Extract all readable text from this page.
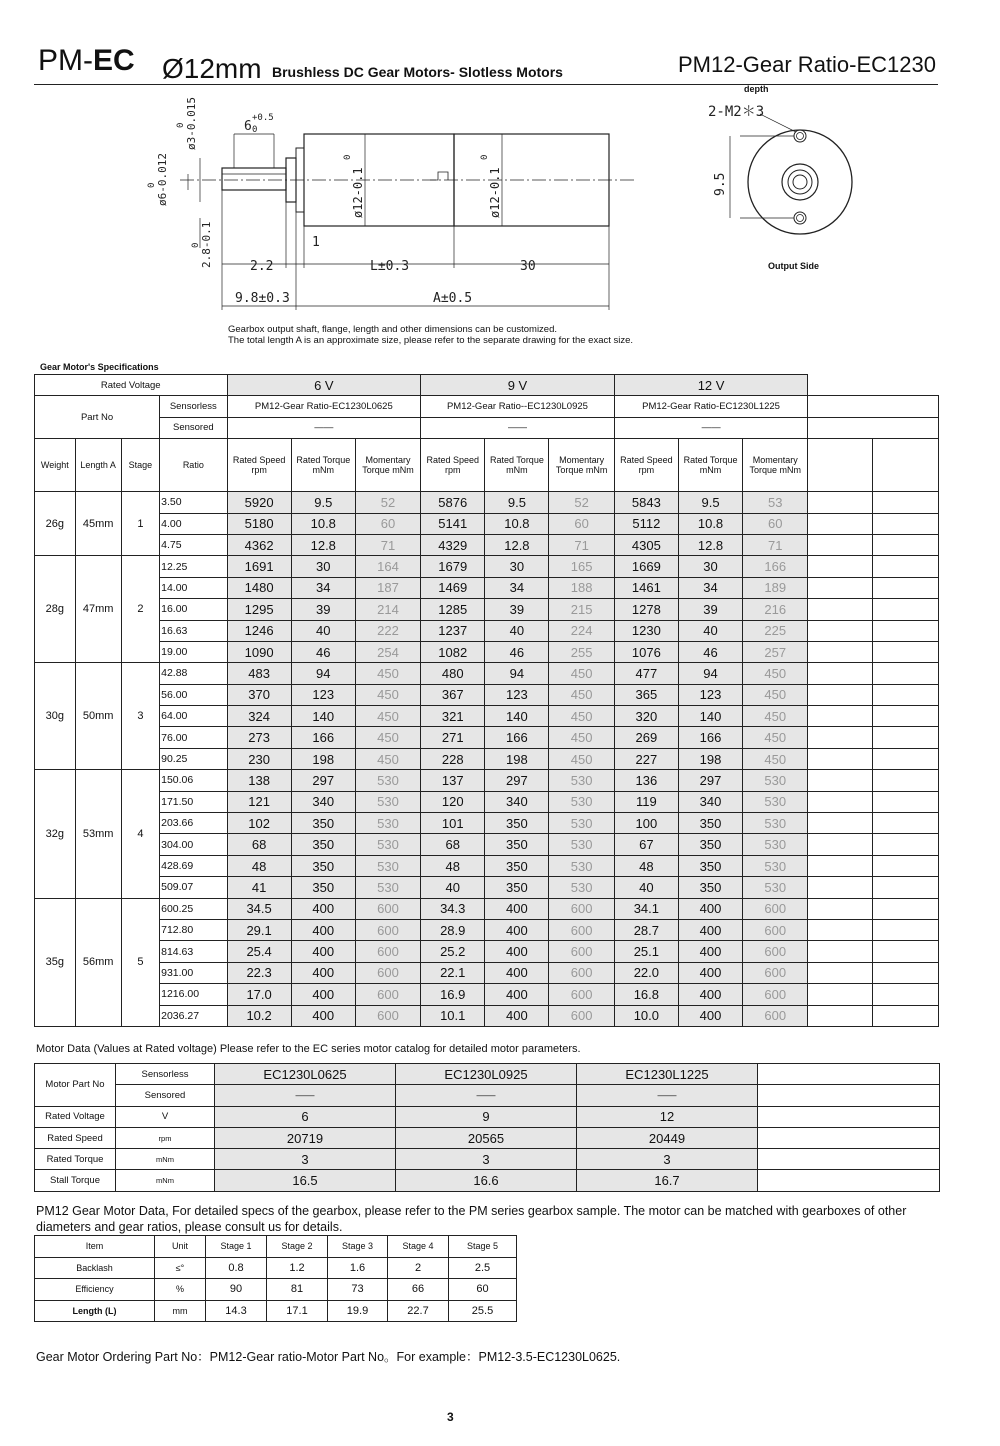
PM-EC Ø12mm Brushless DC Gear Motors- Slotless Motors	PM12-Gear Ratio-EC1230
6
+0.5
0
1
2.2	L±0.3	30
9.8±0.3	A±0.5
ø3-0.015
0
ø6-0.012
0	ø12-0.1
0
ø12-0.1
0
2.8-0.1
0
depth
2-M2＊3
9.5
Output Side
Gearbox output shaft, flange, length and other dimensions can be customized.
The total length A is an approximate size, please refer to the separate drawing for the exact size.
Gear Motor's Specifications
Rated Voltage				6 V			9 V			12 V				
Part No			Sensorless	PM12-Gear Ratio-EC1230L0625			PM12-Gear Ratio--EC1230L0925			PM12-Gear Ratio-EC1230L1225				
			Sensored	——			——			——				
Weight	Length A	Stage	Ratio	Rated Speed rpm	Rated Torque mNm	Momentary Torque mNm	Rated Speed rpm	Rated Torque mNm	Momentary Torque mNm	Rated Speed rpm	Rated Torque mNm	Momentary Torque mNm		
26g	45mm	1	3.50	5920	9.5	52	5876	9.5	52	5843	9.5	53		
			4.00	5180	10.8	60	5141	10.8	60	5112	10.8	60		
			4.75	4362	12.8	71	4329	12.8	71	4305	12.8	71		
28g	47mm	2	12.25	1691	30	164	1679	30	165	1669	30	166		
			14.00	1480	34	187	1469	34	188	1461	34	189		
			16.00	1295	39	214	1285	39	215	1278	39	216		
			16.63	1246	40	222	1237	40	224	1230	40	225		
			19.00	1090	46	254	1082	46	255	1076	46	257		
30g	50mm	3	42.88	483	94	450	480	94	450	477	94	450		
			56.00	370	123	450	367	123	450	365	123	450		
			64.00	324	140	450	321	140	450	320	140	450		
			76.00	273	166	450	271	166	450	269	166	450		
			90.25	230	198	450	228	198	450	227	198	450		
32g	53mm	4	150.06	138	297	530	137	297	530	136	297	530		
			171.50	121	340	530	120	340	530	119	340	530		
			203.66	102	350	530	101	350	530	100	350	530		
			304.00	68	350	530	68	350	530	67	350	530		
			428.69	48	350	530	48	350	530	48	350	530		
			509.07	41	350	530	40	350	530	40	350	530		
35g	56mm	5	600.25	34.5	400	600	34.3	400	600	34.1	400	600		
			712.80	29.1	400	600	28.9	400	600	28.7	400	600		
			814.63	25.4	400	600	25.2	400	600	25.1	400	600		
			931.00	22.3	400	600	22.1	400	600	22.0	400	600		
			1216.00	17.0	400	600	16.9	400	600	16.8	400	600		
			2036.27	10.2	400	600	10.1	400	600	10.0	400	600		
Motor Data (Values at Rated voltage) Please refer to the EC series motor catalog for detailed motor parameters.
Motor Part No	Sensorless	EC1230L0625	EC1230L0925	EC1230L1225	
	Sensored	——	——	——	
Rated Voltage	V	6	9	12	
Rated Speed	rpm	20719	20565	20449	
Rated Torque	mNm	3	3	3	
Stall Torque	mNm	16.5	16.6	16.7	
PM12 Gear Motor Data, For detailed specs of the gearbox, please refer to the PM series gearbox sample. The motor can be matched with gearboxes of other diameters and gear ratios, please consult us for details.
Item	Unit	Stage 1	Stage 2	Stage 3	Stage 4	Stage 5
Backlash	≤°	0.8	1.2	1.6	2	2.5
Efficiency	%	90	81	73	66	60
Length (L)	mm	14.3	17.1	19.9	22.7	25.5
Gear Motor Ordering Part No：PM12-Gear ratio-Motor Part No。For example：PM12-3.5-EC1230L0625.
3
